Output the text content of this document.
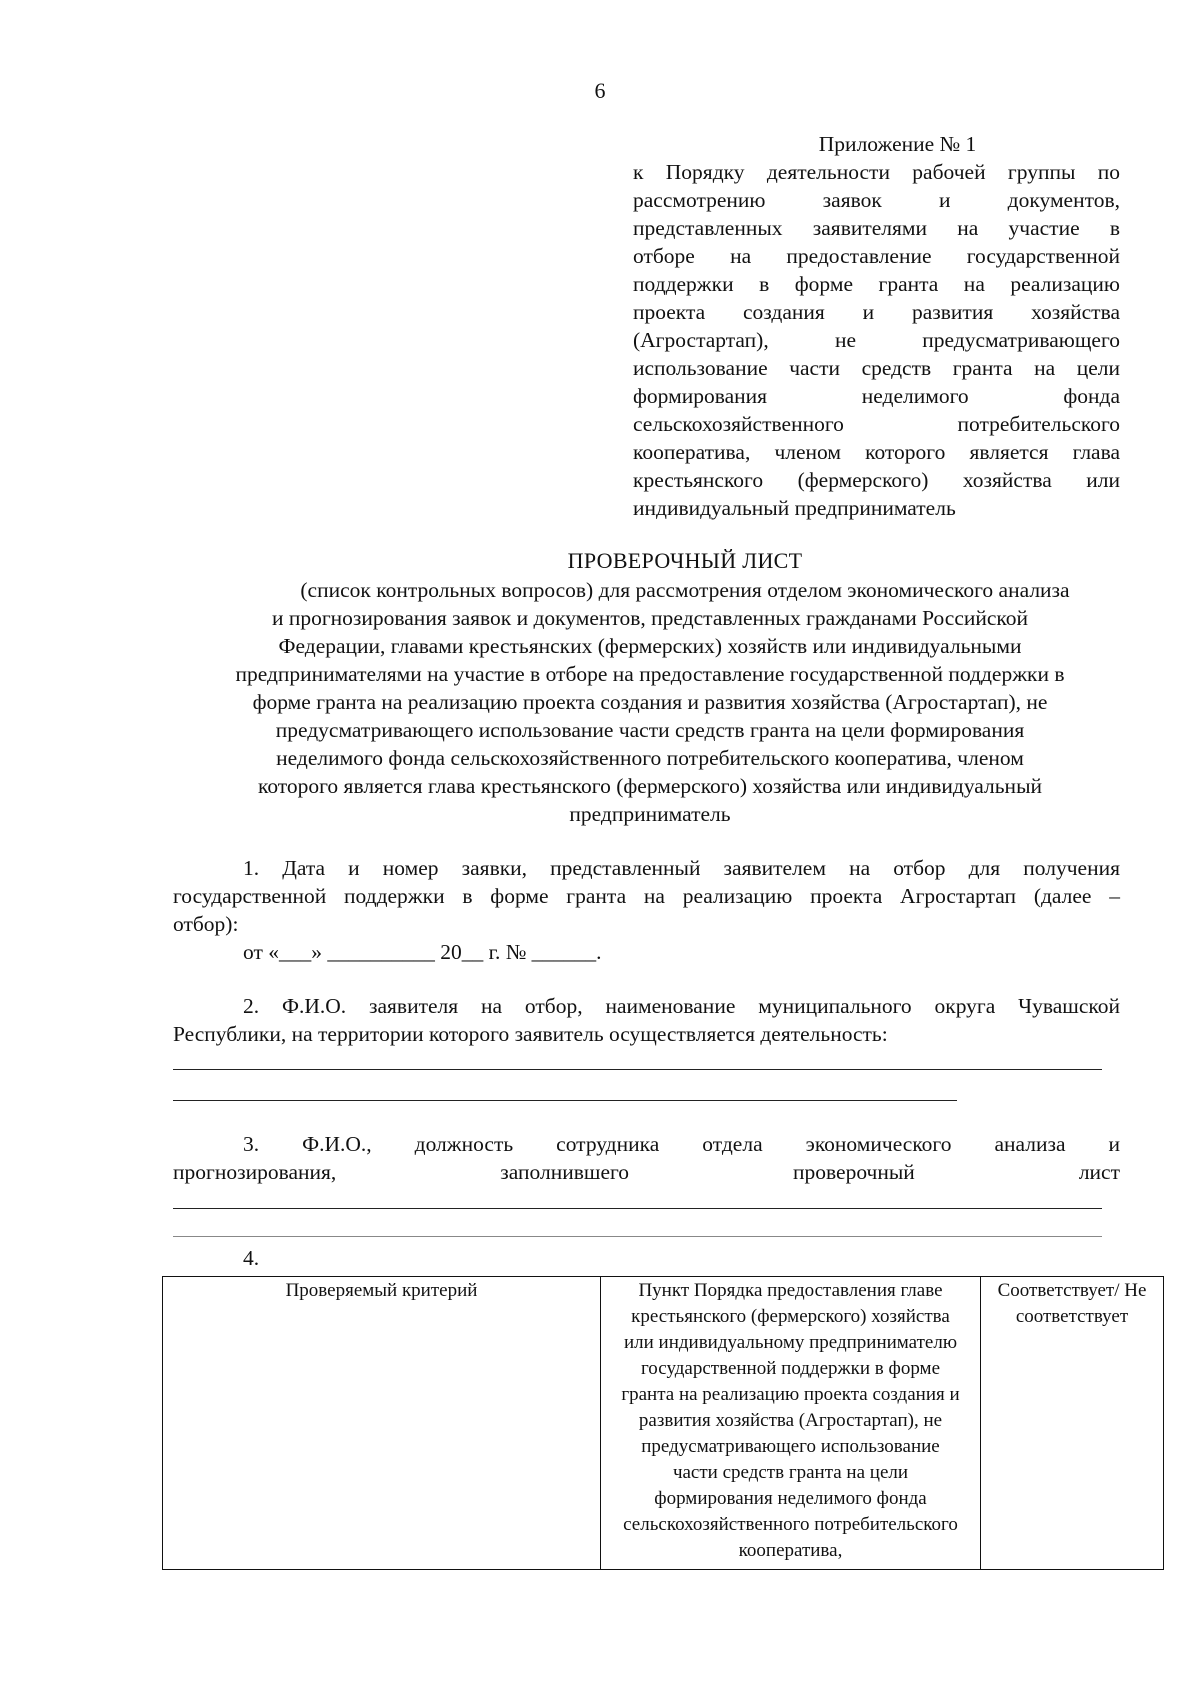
6
Приложение № 1
к Порядку деятельности рабочей группы по
рассмотрению заявок и документов,
представленных заявителями на участие в
отборе на предоставление государственной
поддержки в форме гранта на реализацию
проекта создания и развития хозяйства
(Агростартап), не предусматривающего
использование части средств гранта на цели
формирования неделимого фонда
сельскохозяйственного потребительского
кооператива, членом которого является глава
крестьянского (фермерского) хозяйства или
индивидуальный предприниматель
ПРОВЕРОЧНЫЙ ЛИСТ
(список контрольных вопросов) для рассмотрения отделом экономического анализа
и прогнозирования заявок и документов, представленных гражданами Российской
Федерации, главами крестьянских (фермерских) хозяйств или индивидуальными
предпринимателями на участие в отборе на предоставление государственной поддержки в
форме гранта на реализацию проекта создания и развития хозяйства (Агростартап), не
предусматривающего использование части средств гранта на цели формирования
неделимого фонда сельскохозяйственного потребительского кооператива, членом
которого является глава крестьянского (фермерского) хозяйства или индивидуальный
предприниматель
1. Дата и номер заявки, представленный заявителем на отбор для получения
государственной поддержки в форме гранта на реализацию проекта Агростартап (далее –
отбор):
от «___» __________ 20__ г. № ______.
2. Ф.И.О. заявителя на отбор, наименование муниципального округа Чувашской
Республики, на территории которого заявитель осуществляется деятельность:
3. Ф.И.О., должность сотрудника отдела экономического анализа и
прогнозирования, заполнившего проверочный лист
4.
Проверяемый критерий	Пункт Порядка предоставления главе крестьянского (фермерского) хозяйства или индивидуальному предпринимателю государственной поддержки в форме гранта на реализацию проекта создания и развития хозяйства (Агростартап), не предусматривающего использование части средств гранта на цели формирования неделимого фонда сельскохозяйственного потребительского кооператива,	Соответствует/ Не соответствует
